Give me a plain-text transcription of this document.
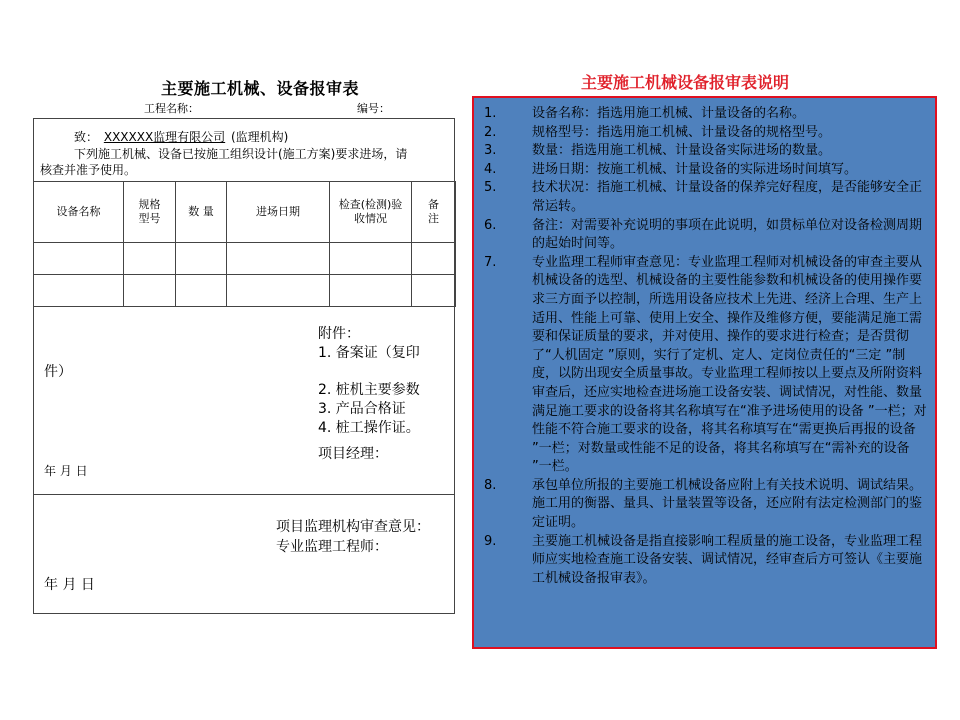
主要施工机械、设备报审表
工程名称：	编号：
致： XXXXXX监理有限公司 (监理机构)
下列施工机械、设备已按施工组织设计(施工方案)要求进场，请
核查并准予使用。
设备名称	规格型号	数 量	进场日期	检查(检测)验收情况	备注

附件：
1. 备案证（复印
件）
2. 桩机主要参数
3. 产品合格证
4. 桩工操作证。
项目经理：
年 月 日
项目监理机构审查意见：
专业监理工程师：
年 月 日
主要施工机械设备报审表说明
1.	设备名称：指选用施工机械、计量设备的名称。
2.	规格型号：指选用施工机械、计量设备的规格型号。
3.	数量：指选用施工机械、计量设备实际进场的数量。
4.	进场日期：按施工机械、计量设备的实际进场时间填写。
5.	技术状况：指施工机械、计量设备的保养完好程度，是否能够安全正常运转。
6.	备注：对需要补充说明的事项在此说明，如贯标单位对设备检测周期的起始时间等。
7.	专业监理工程师审查意见：专业监理工程师对机械设备的审查主要从机械设备的选型、机械设备的主要性能参数和机械设备的使用操作要求三方面予以控制，所选用设备应技术上先进、经济上合理、生产上适用、性能上可靠、使用上安全、操作及维修方便，要能满足施工需要和保证质量的要求，并对使用、操作的要求进行检查；是否贯彻了“人机固定 ”原则，实行了定机、定人、定岗位责任的“三定 ”制度，以防出现安全质量事故。专业监理工程师按以上要点及所附资料审查后，还应实地检查进场施工设备安装、调试情况，对性能、数量满足施工要求的设备将其名称填写在“准予进场使用的设备 ”一栏；对性能不符合施工要求的设备，将其名称填写在“需更换后再报的设备 ”一栏；对数量或性能不足的设备，将其名称填写在“需补充的设备 ”一栏。
8.	承包单位所报的主要施工机械设备应附上有关技术说明、调试结果。施工用的衡器、量具、计量装置等设备，还应附有法定检测部门的鉴定证明。
9.	主要施工机械设备是指直接影响工程质量的施工设备，专业监理工程师应实地检查施工设备安装、调试情况，经审查后方可签认《主要施工机械设备报审表》。
